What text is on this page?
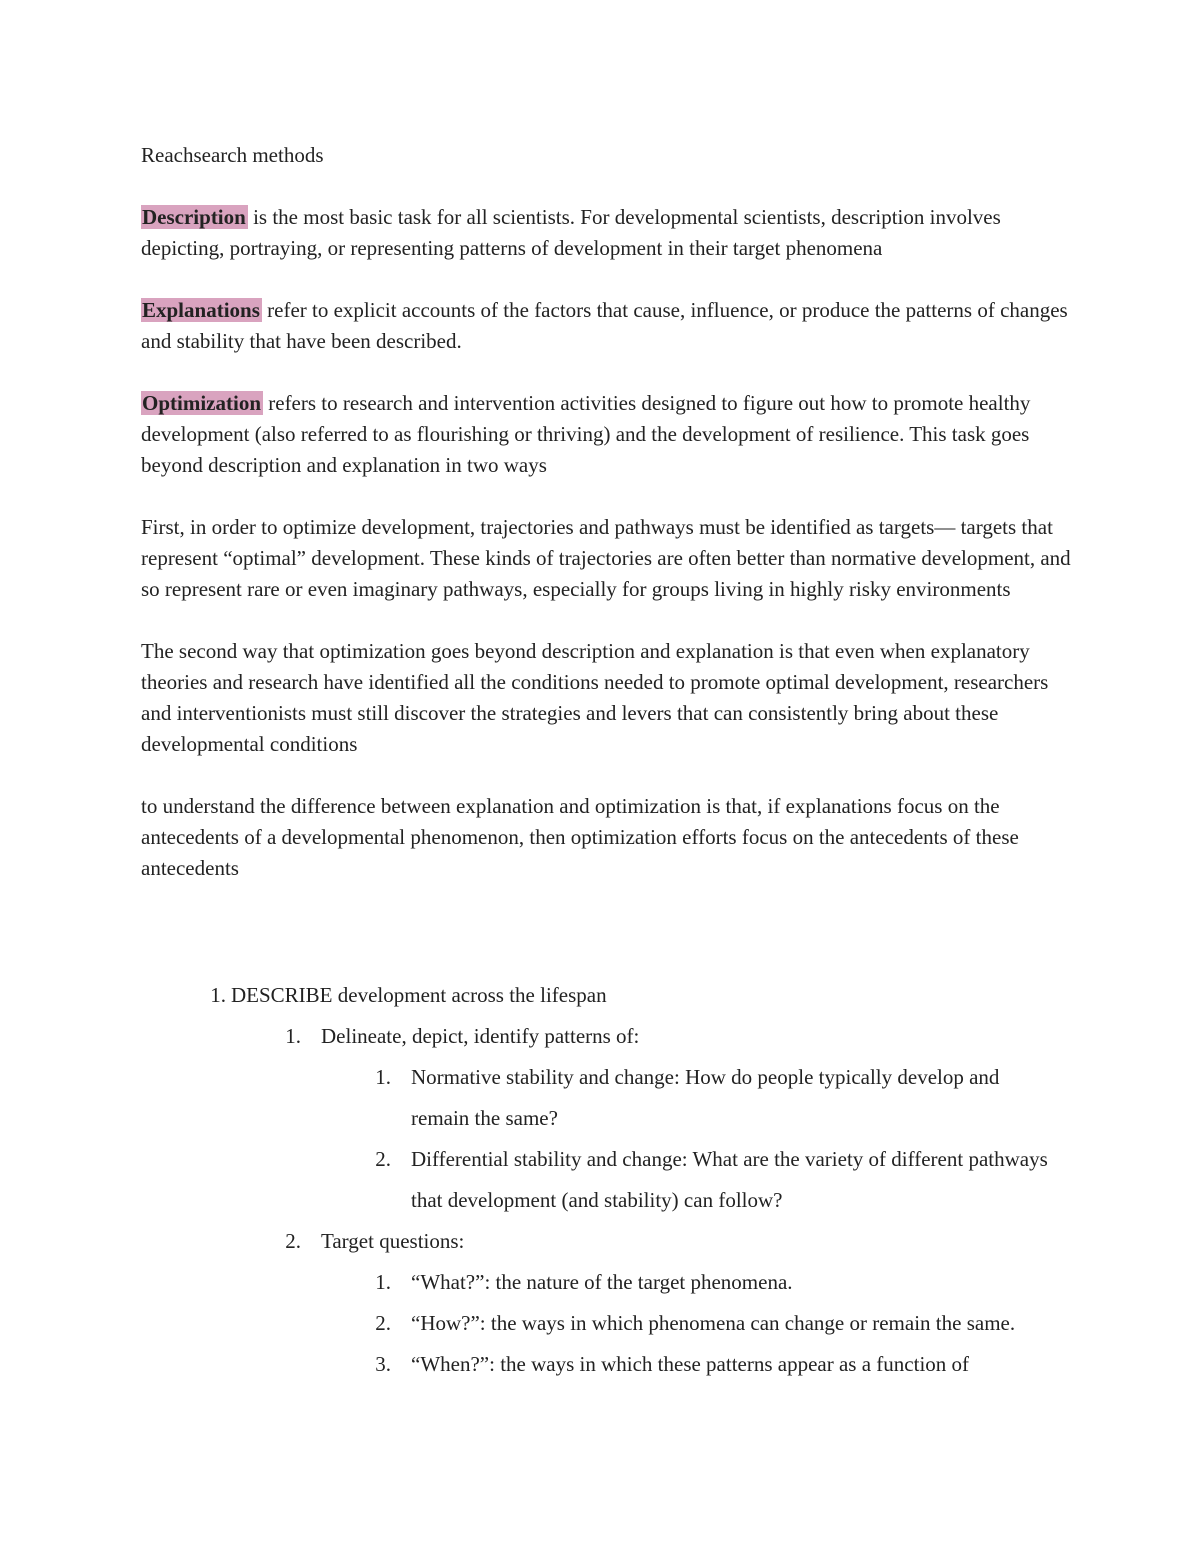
Reachsearch methods

Description is the most basic task for all scientists. For developmental scientists, description involves depicting, portraying, or representing patterns of development in their target phenomena

Explanations refer to explicit accounts of the factors that cause, influence, or produce the patterns of changes and stability that have been described.

Optimization refers to research and intervention activities designed to figure out how to promote healthy development (also referred to as flourishing or thriving) and the development of resilience. This task goes beyond description and explanation in two ways

First, in order to optimize development, trajectories and pathways must be identified as targets— targets that represent “optimal” development. These kinds of trajectories are often better than normative development, and so represent rare or even imaginary pathways, especially for groups living in highly risky environments

The second way that optimization goes beyond description and explanation is that even when explanatory theories and research have identified all the conditions needed to promote optimal development, researchers and interventionists must still discover the strategies and levers that can consistently bring about these developmental conditions

to understand the difference between explanation and optimization is that, if explanations focus on the antecedents of a developmental phenomenon, then optimization efforts focus on the antecedents of these antecedents

1. DESCRIBE development across the lifespan
1. Delineate, depict, identify patterns of:
1. Normative stability and change: How do people typically develop and remain the same?
2. Differential stability and change: What are the variety of different pathways that development (and stability) can follow?
2. Target questions:
1. “What?”: the nature of the target phenomena.
2. “How?”: the ways in which phenomena can change or remain the same.
3. “When?”: the ways in which these patterns appear as a function of
